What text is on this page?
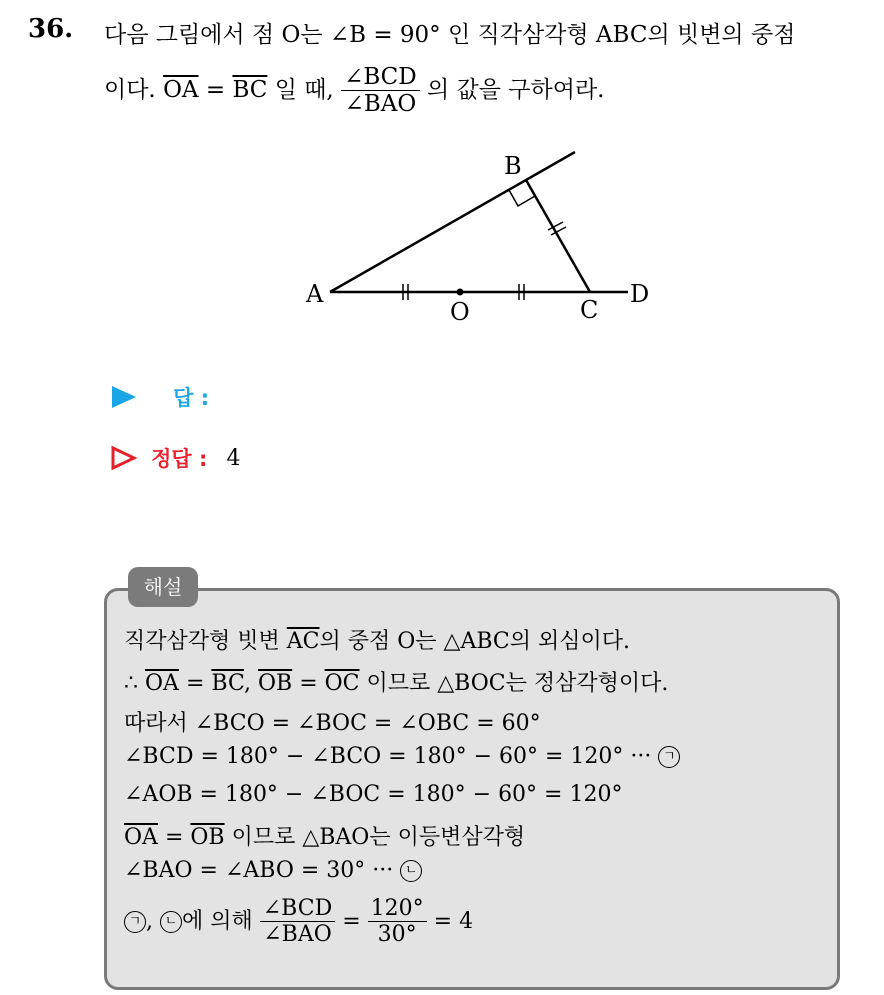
36. 다음 그림에서 점 O는 ∠B = 90° 인 직각삼각형 ABC의 빗변의 중점
이다. $\overline{OA} = \overline{BC}$ 일 때, $\frac{\text{∠BCD}}{\text{∠BAO}}$ 의 값을 구하여라.
A
B
C
D
O
답 :
정답 : 4
해설
직각삼각형 빗변 $\overline{AC}$의 중점 O는 △ABC의 외심이다.
∴ $\overline{OA} = \overline{BC}$, $\overline{OB} = \overline{OC}$ 이므로 △BOC는 정삼각형이다.
따라서 ∠BCO = ∠BOC = ∠OBC = 60°
∠BCD = 180° − ∠BCO = 180° − 60° = 120° ··· ㄱ
∠AOB = 180° − ∠BOC = 180° − 60° = 120°
$\overline{OA} = \overline{OB}$ 이므로 △BAO는 이등변삼각형
∠BAO = ∠ABO = 30° ··· ㄴ
ㄱ , ㄴ 에 의해 $\frac{\text{∠BCD}}{\text{∠BAO}} = \frac{120^\circ}{30^\circ} = 4$
